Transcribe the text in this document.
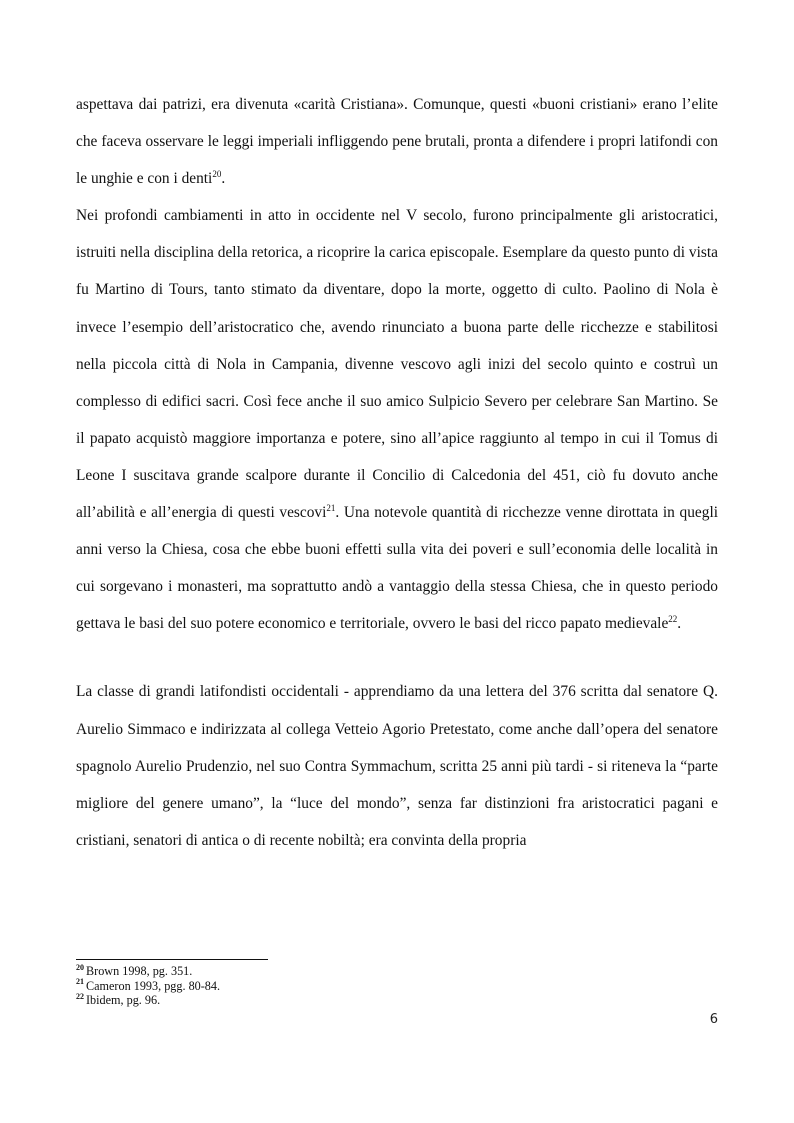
aspettava dai patrizi, era divenuta «carità Cristiana». Comunque, questi «buoni cristiani» erano l’elite che faceva osservare le leggi imperiali infliggendo pene brutali, pronta a difendere i propri latifondi con le unghie e con i denti$^{20}$.

Nei profondi cambiamenti in atto in occidente nel V secolo, furono principalmente gli aristocratici, istruiti nella disciplina della retorica, a ricoprire la carica episcopale. Esemplare da questo punto di vista fu Martino di Tours, tanto stimato da diventare, dopo la morte, oggetto di culto. Paolino di Nola è invece l’esempio dell’aristocratico che, avendo rinunciato a buona parte delle ricchezze e stabilitosi nella piccola città di Nola in Campania, divenne vescovo agli inizi del secolo quinto e costruì un complesso di edifici sacri. Così fece anche il suo amico Sulpicio Severo per celebrare San Martino. Se il papato acquistò maggiore importanza e potere, sino all’apice raggiunto al tempo in cui il Tomus di Leone I suscitava grande scalpore durante il Concilio di Calcedonia del 451, ciò fu dovuto anche all’abilità e all’energia di questi vescovi$^{21}$. Una notevole quantità di ricchezze venne dirottata in quegli anni verso la Chiesa, cosa che ebbe buoni effetti sulla vita dei poveri e sull’economia delle località in cui sorgevano i monasteri, ma soprattutto andò a vantaggio della stessa Chiesa, che in questo periodo gettava le basi del suo potere economico e territoriale, ovvero le basi del ricco papato medievale$^{22}$.

La classe di grandi latifondisti occidentali - apprendiamo da una lettera del 376 scritta dal senatore Q. Aurelio Simmaco e indirizzata al collega Vetteio Agorio Pretestato, come anche dall’opera del senatore spagnolo Aurelio Prudenzio, nel suo Contra Symmachum, scritta 25 anni più tardi - si riteneva la “parte migliore del genere umano”, la “luce del mondo”, senza far distinzioni fra aristocratici pagani e cristiani, senatori di antica o di recente nobiltà; era convinta della propria

$^{20}$ Brown 1998, pg. 351.
$^{21}$ Cameron 1993, pgg. 80-84.
$^{22}$ Ibidem, pg. 96.
6
